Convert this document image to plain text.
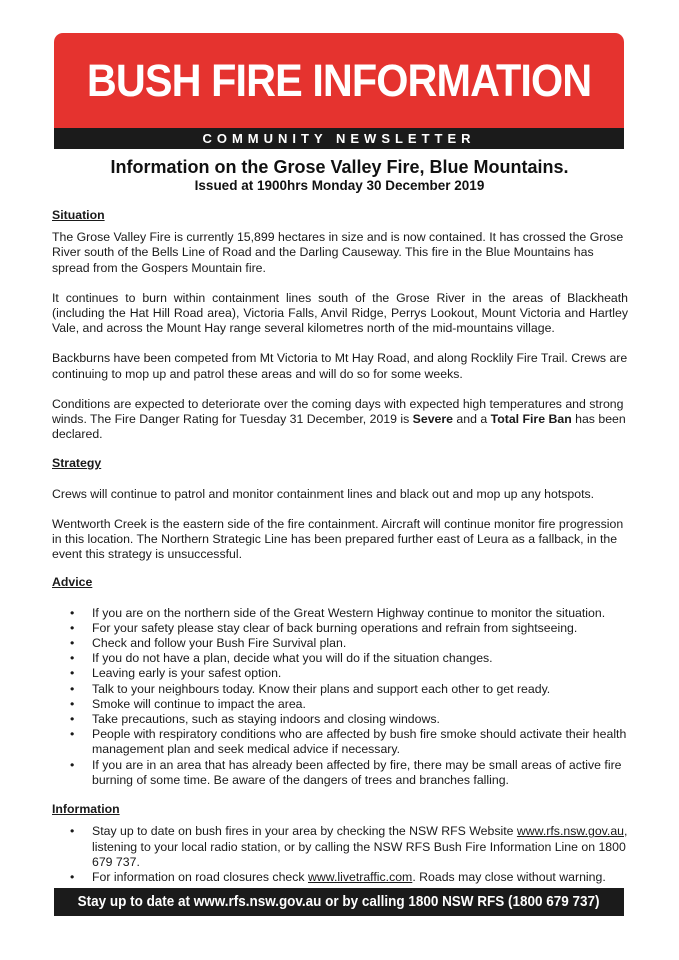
BUSH FIRE INFORMATION
COMMUNITY NEWSLETTER
Information on the Grose Valley Fire, Blue Mountains.
Issued at 1900hrs Monday 30 December 2019
Situation

The Grose Valley Fire is currently 15,899 hectares in size and is now contained. It has crossed the Grose River south of the Bells Line of Road and the Darling Causeway. This fire in the Blue Mountains has spread from the Gospers Mountain fire.

It continues to burn within containment lines south of the Grose River in the areas of Blackheath (including the Hat Hill Road area), Victoria Falls, Anvil Ridge, Perrys Lookout, Mount Victoria and Hartley Vale, and across the Mount Hay range several kilometres north of the mid-mountains village.

Backburns have been competed from Mt Victoria to Mt Hay Road, and along Rocklily Fire Trail. Crews are continuing to mop up and patrol these areas and will do so for some weeks.

Conditions are expected to deteriorate over the coming days with expected high temperatures and strong winds. The Fire Danger Rating for Tuesday 31 December, 2019 is Severe and a Total Fire Ban has been declared.

Strategy

Crews will continue to patrol and monitor containment lines and black out and mop up any hotspots.

Wentworth Creek is the eastern side of the fire containment. Aircraft will continue monitor fire progression in this location. The Northern Strategic Line has been prepared further east of Leura as a fallback, in the event this strategy is unsuccessful.

Advice
• If you are on the northern side of the Great Western Highway continue to monitor the situation.
• For your safety please stay clear of back burning operations and refrain from sightseeing.
• Check and follow your Bush Fire Survival plan.
• If you do not have a plan, decide what you will do if the situation changes.
• Leaving early is your safest option.
• Talk to your neighbours today. Know their plans and support each other to get ready.
• Smoke will continue to impact the area.
• Take precautions, such as staying indoors and closing windows.
• People with respiratory conditions who are affected by bush fire smoke should activate their health management plan and seek medical advice if necessary.
• If you are in an area that has already been affected by fire, there may be small areas of active fire burning of some time. Be aware of the dangers of trees and branches falling.
Information
• Stay up to date on bush fires in your area by checking the NSW RFS Website www.rfs.nsw.gov.au, listening to your local radio station, or by calling the NSW RFS Bush Fire Information Line on 1800 679 737.
• For information on road closures check www.livetraffic.com. Roads may close without warning.
Stay up to date at www.rfs.nsw.gov.au or by calling 1800 NSW RFS (1800 679 737)
